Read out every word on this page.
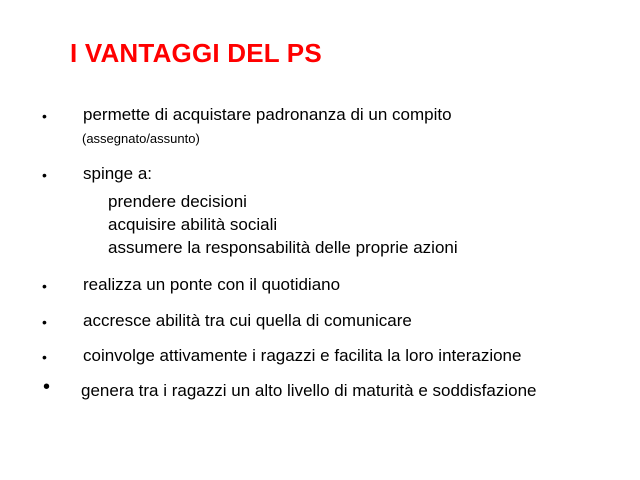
I VANTAGGI DEL PS
• permette di acquistare padronanza di un compito
(assegnato/assunto)
• spinge a:
prendere decisioni
acquisire abilità sociali
assumere la responsabilità delle proprie azioni
• realizza un ponte con il quotidiano
• accresce abilità tra cui quella di comunicare
• coinvolge attivamente i ragazzi e facilita la loro interazione
• genera tra i ragazzi un alto livello di maturità e soddisfazione
